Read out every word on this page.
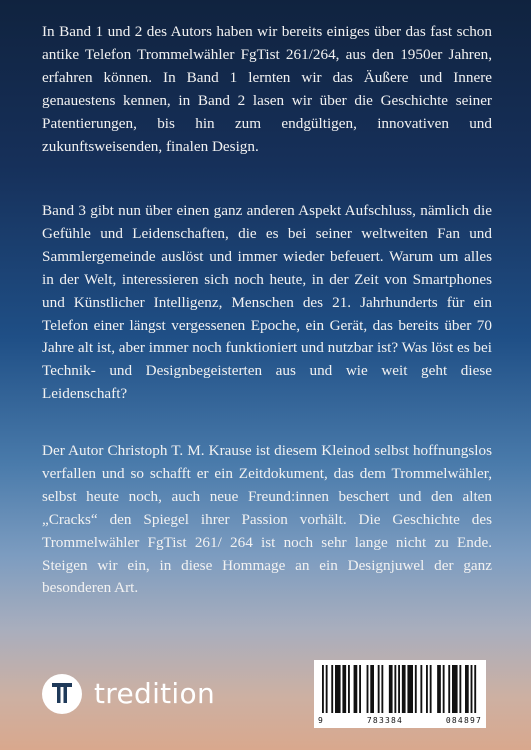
In Band 1 und 2 des Autors haben wir bereits einiges über das fast schon antike Telefon Trommelwähler FgTist 261/264, aus den 1950er Jahren, erfahren können. In Band 1 lernten wir das Äußere und Innere genauestens kennen, in Band 2 lasen wir über die Geschichte seiner Patentierungen, bis hin zum endgültigen, innovativen und zukunftsweisenden, finalen Design.

Band 3 gibt nun über einen ganz anderen Aspekt Aufschluss, nämlich die Gefühle und Leidenschaften, die es bei seiner weltweiten Fan und Sammlergemeinde auslöst und immer wieder befeuert. Warum um alles in der Welt, interessieren sich noch heute, in der Zeit von Smartphones und Künstlicher Intelligenz, Menschen des 21. Jahrhunderts für ein Telefon einer längst vergessenen Epoche, ein Gerät, das bereits über 70 Jahre alt ist, aber immer noch funktioniert und nutzbar ist? Was löst es bei Technik- und Designbegeisterten aus und wie weit geht diese Leidenschaft?

Der Autor Christoph T. M. Krause ist diesem Kleinod selbst hoffnungslos verfallen und so schafft er ein Zeitdokument, das dem Trommelwähler, selbst heute noch, auch neue Freund:innen beschert und den alten „Cracks“ den Spiegel ihrer Passion vorhält. Die Geschichte des Trommelwähler FgTist 261/ 264 ist noch sehr lange nicht zu Ende. Steigen wir ein, in diese Hommage an ein Designjuwel der ganz besonderen Art.

tredition
9	783384	084897
